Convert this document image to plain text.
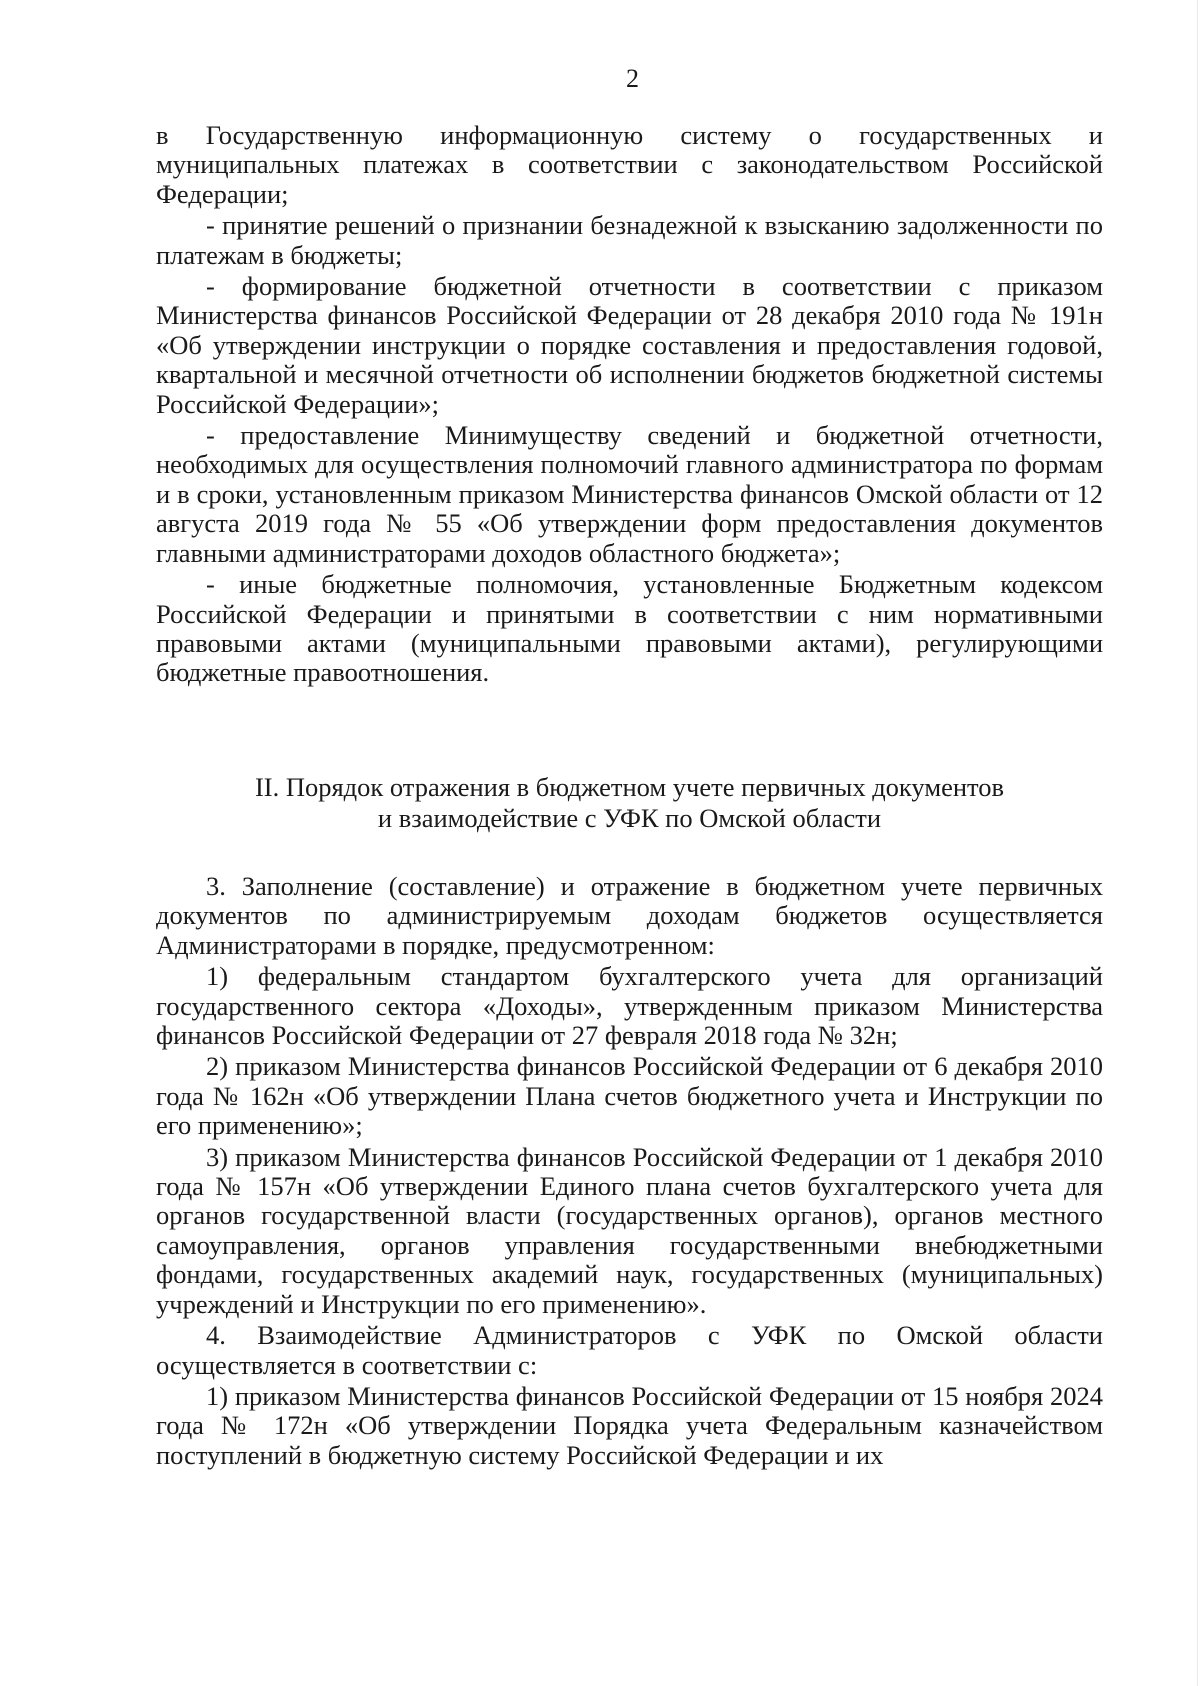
2

в Государственную информационную систему о государственных и муниципальных платежах в соответствии с законодательством Российской Федерации;

- принятие решений о признании безнадежной к взысканию задолженности по платежам в бюджеты;

- формирование бюджетной отчетности в соответствии с приказом Министерства финансов Российской Федерации от 28 декабря 2010 года № 191н «Об утверждении инструкции о порядке составления и предоставления годовой, квартальной и месячной отчетности об исполнении бюджетов бюджетной системы Российской Федерации»;

- предоставление Минимуществу сведений и бюджетной отчетности, необходимых для осуществления полномочий главного администратора по формам и в сроки, установленным приказом Министерства финансов Омской области от 12 августа 2019 года № 55 «Об утверждении форм предоставления документов главными администраторами доходов областного бюджета»;

- иные бюджетные полномочия, установленные Бюджетным кодексом Российской Федерации и принятыми в соответствии с ним нормативными правовыми актами (муниципальными правовыми актами), регулирующими бюджетные правоотношения.

II. Порядок отражения в бюджетном учете первичных документов
и взаимодействие с УФК по Омской области

3. Заполнение (составление) и отражение в бюджетном учете первичных документов по администрируемым доходам бюджетов осуществляется Администраторами в порядке, предусмотренном:

1) федеральным стандартом бухгалтерского учета для организаций государственного сектора «Доходы», утвержденным приказом Министерства финансов Российской Федерации от 27 февраля 2018 года № 32н;

2) приказом Министерства финансов Российской Федерации от 6 декабря 2010 года № 162н «Об утверждении Плана счетов бюджетного учета и Инструкции по его применению»;

3) приказом Министерства финансов Российской Федерации от 1 декабря 2010 года № 157н «Об утверждении Единого плана счетов бухгалтерского учета для органов государственной власти (государственных органов), органов местного самоуправления, органов управления государственными внебюджетными фондами, государственных академий наук, государственных (муниципальных) учреждений и Инструкции по его применению».

4. Взаимодействие Администраторов с УФК по Омской области осуществляется в соответствии с:

1) приказом Министерства финансов Российской Федерации от 15 ноября 2024 года № 172н «Об утверждении Порядка учета Федеральным казначейством поступлений в бюджетную систему Российской Федерации и их
